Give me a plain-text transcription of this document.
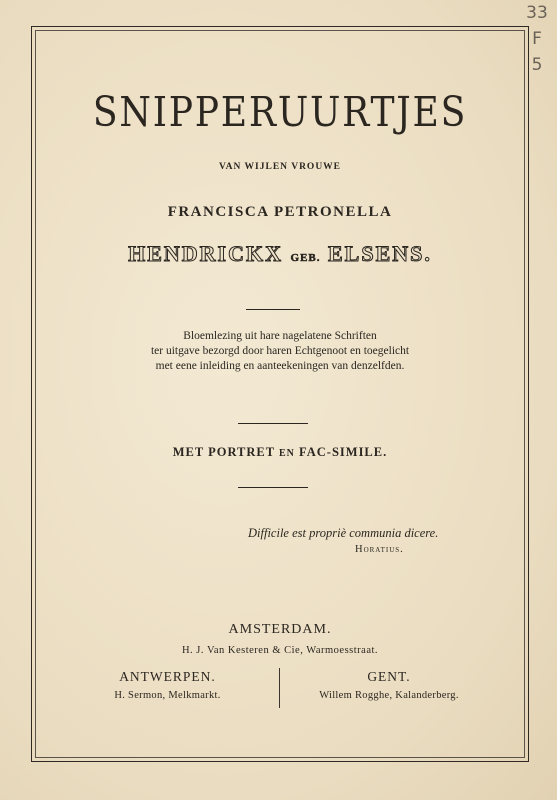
33
F
5
SNIPPERUURTJES
VAN WIJLEN VROUWE
FRANCISCA PETRONELLA
HENDRICKX GEB. ELSENS.
Bloemlezing uit hare nagelatene Schriften
ter uitgave bezorgd door haren Echtgenoot en toegelicht
met eene inleiding en aanteekeningen van denzelfden.
MET PORTRET EN FAC-SIMILE.
Difficile est propriè communia dicere.
Horatius.
AMSTERDAM.
H. J. Van Kesteren & Cie, Warmoesstraat.
ANTWERPEN.
H. Sermon, Melkmarkt.
GENT.
Willem Rogghe, Kalanderberg.
